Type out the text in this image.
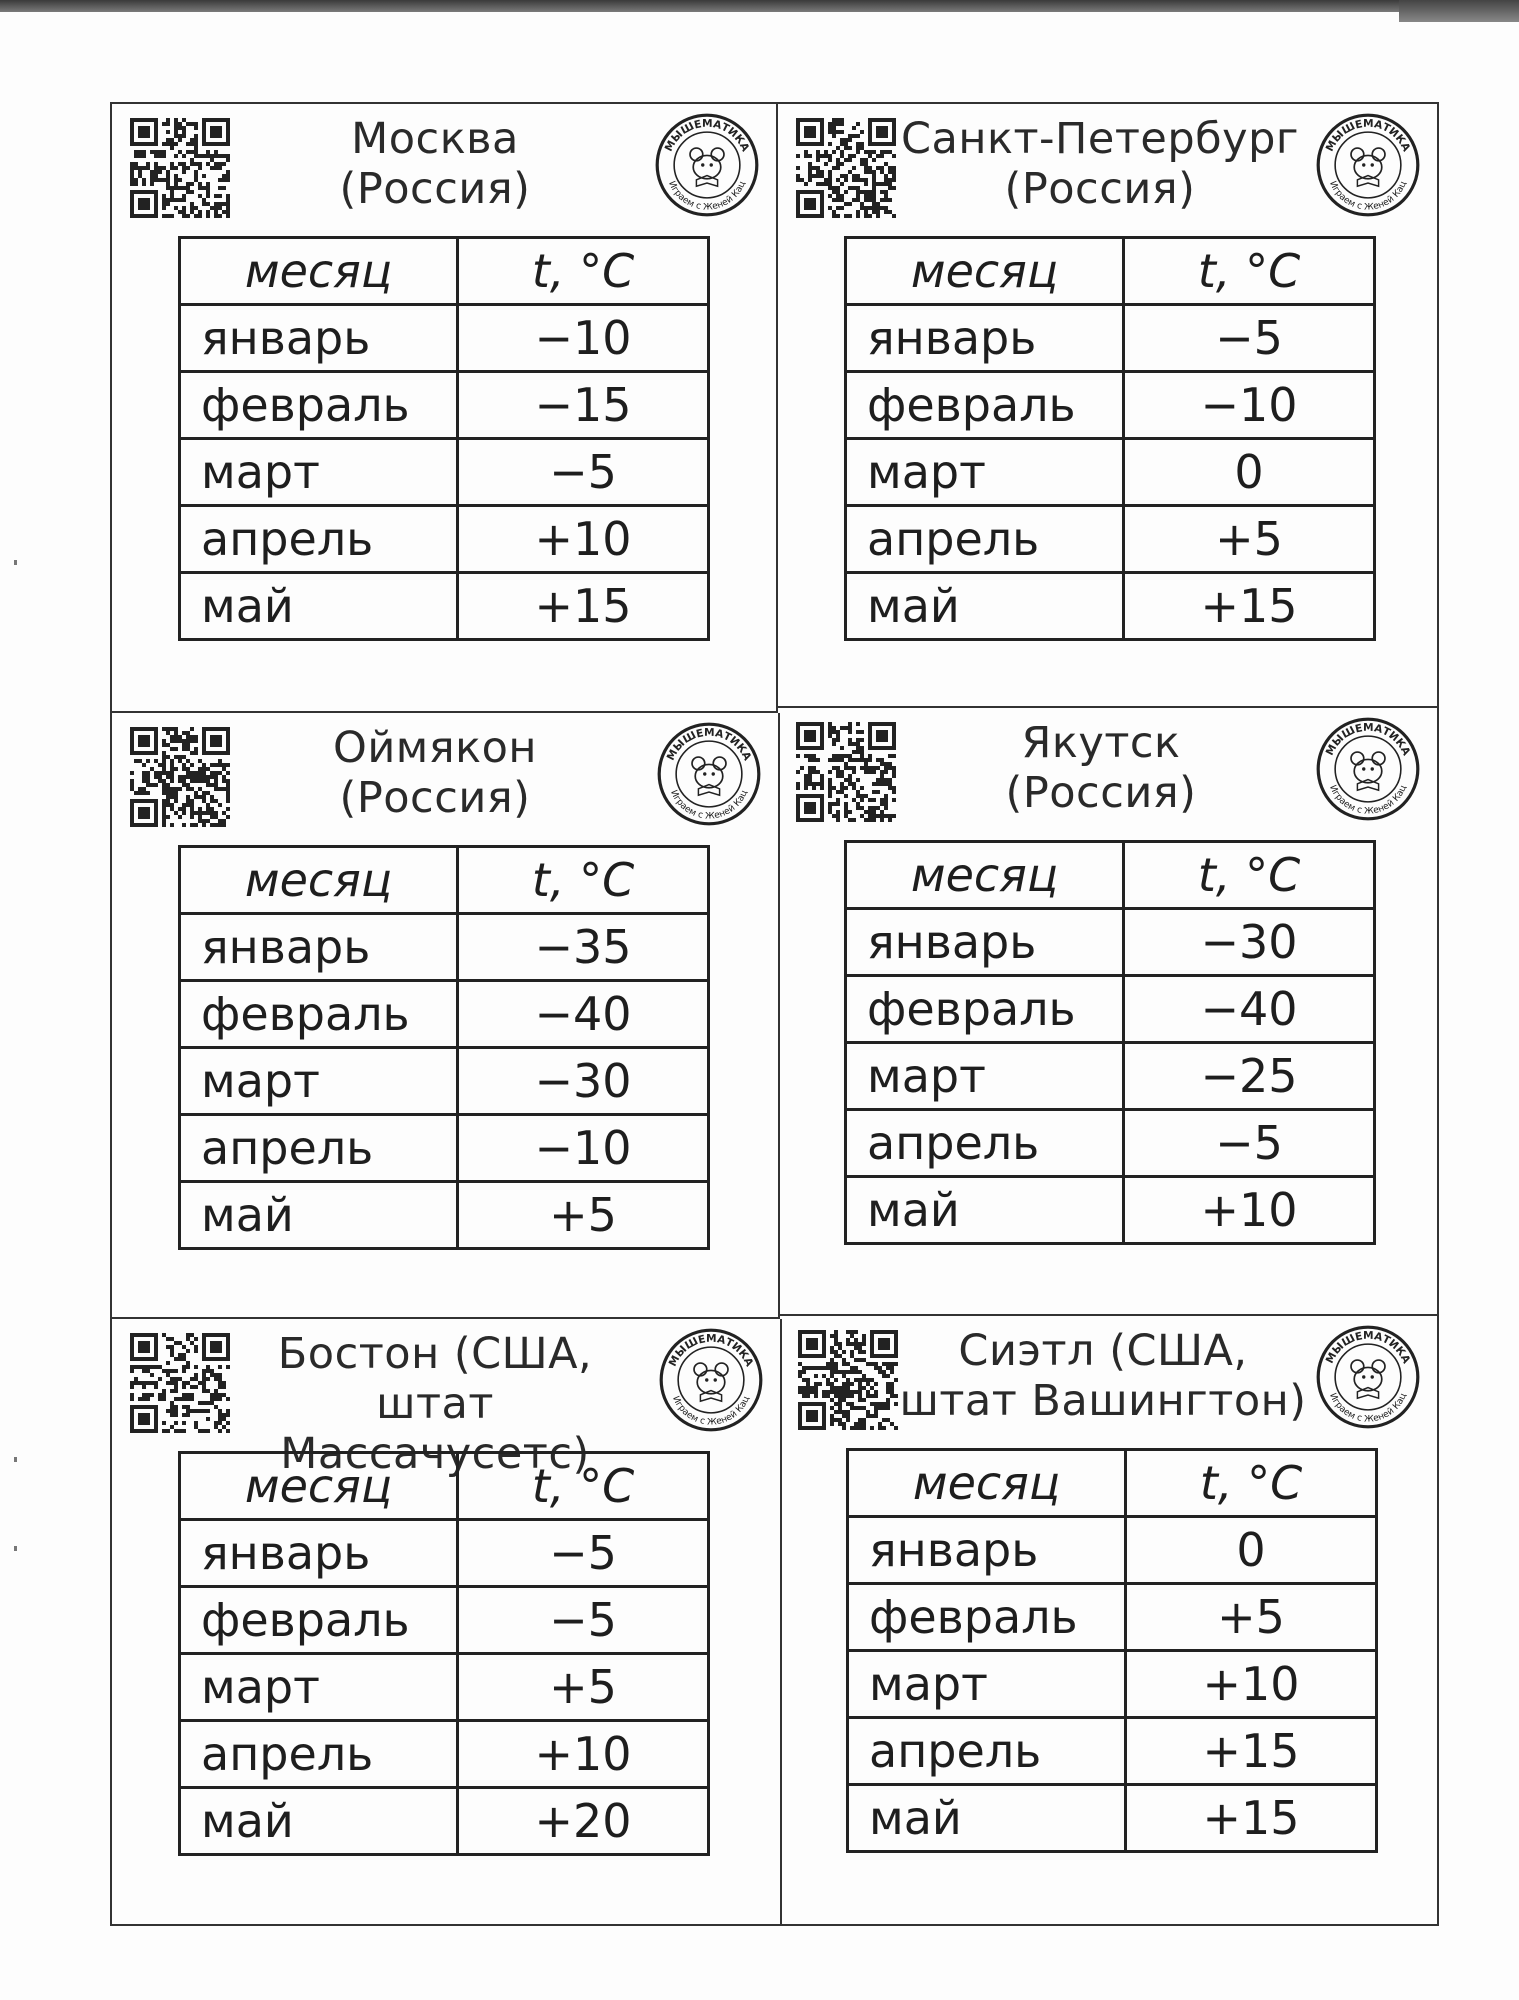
Москва
(Россия)
МЫШЕМАТИКА
Играем с Женей Кац
месяц	t, °C
январь	−10
февраль	−15
март	−5
апрель	+10
май	+15
Санкт-Петербург
(Россия)
МЫШЕМАТИКА
Играем с Женей Кац
месяц	t, °C
январь	−5
февраль	−10
март	0
апрель	+5
май	+15
Оймякон
(Россия)
МЫШЕМАТИКА
Играем с Женей Кац
месяц	t, °C
январь	−35
февраль	−40
март	−30
апрель	−10
май	+5
Якутск
(Россия)
МЫШЕМАТИКА
Играем с Женей Кац
месяц	t, °C
январь	−30
февраль	−40
март	−25
апрель	−5
май	+10
Бостон (США,
штат Массачусетс)
МЫШЕМАТИКА
Играем с Женей Кац
месяц	t, °C
январь	−5
февраль	−5
март	+5
апрель	+10
май	+20
Сиэтл (США,
штат Вашингтон)
МЫШЕМАТИКА
Играем с Женей Кац
месяц	t, °C
январь	0
февраль	+5
март	+10
апрель	+15
май	+15
